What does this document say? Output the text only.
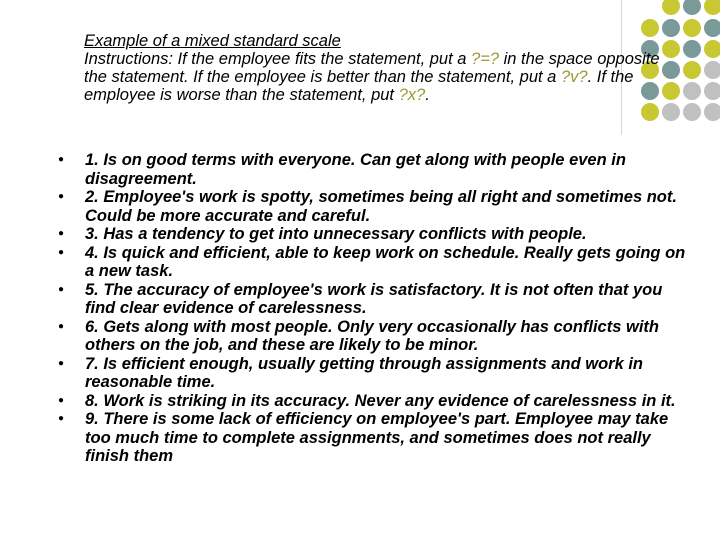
Example of a mixed standard scale
Instructions: If the employee fits the statement, put a ?=? in the space opposite the statement. If the employee is better than the statement, put a ?v?. If the employee is worse than the statement, put ?x?.
●	1. Is on good terms with everyone. Can get along with people even in disagreement.
●	2. Employee's work is spotty, sometimes being all right and sometimes not. Could be more accurate and careful.
●	3. Has a tendency to get into unnecessary conflicts with people.
●	4. Is quick and efficient, able to keep work on schedule. Really gets going on a new task.
●	5. The accuracy of employee's work is satisfactory. It is not often that you find clear evidence of carelessness.
●	6. Gets along with most people. Only very occasionally has conflicts with others on the job, and these are likely to be minor.
●	7. Is efficient enough, usually getting through assignments and work in reasonable time.
●	8. Work is striking in its accuracy. Never any evidence of carelessness in it.
●	9. There is some lack of efficiency on employee's part. Employee may take too much time to complete assignments, and sometimes does not really finish them
